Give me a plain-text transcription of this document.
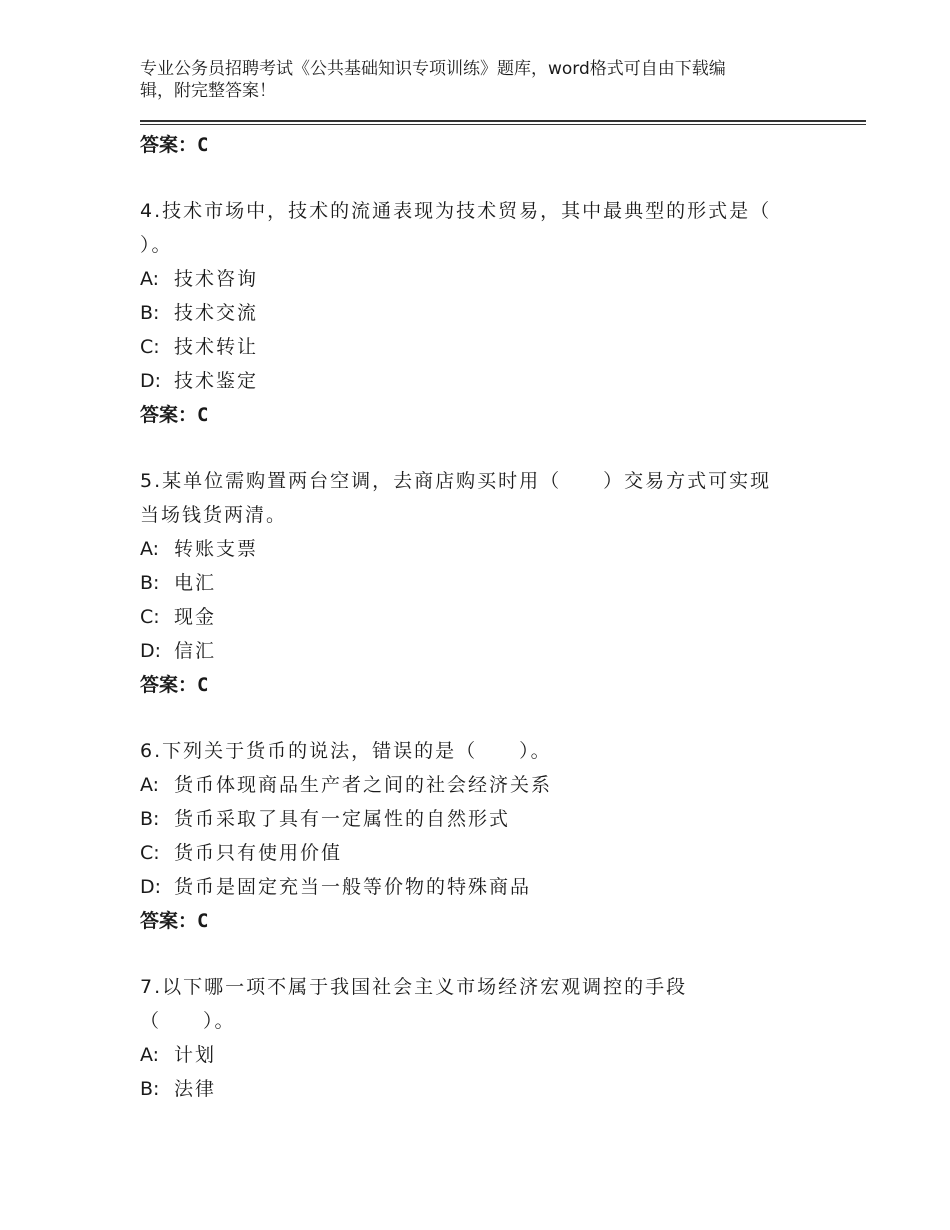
专业公务员招聘考试《公共基础知识专项训练》题库，word格式可自由下载编
辑，附完整答案！
答案：C
4.技术市场中，技术的流通表现为技术贸易，其中最典型的形式是（
）。
A: 技术咨询
B: 技术交流
C: 技术转让
D: 技术鉴定
答案：C
5.某单位需购置两台空调，去商店购买时用（　　）交易方式可实现
当场钱货两清。
A: 转账支票
B: 电汇
C: 现金
D: 信汇
答案：C
6.下列关于货币的说法，错误的是（　　）。
A: 货币体现商品生产者之间的社会经济关系
B: 货币采取了具有一定属性的自然形式
C: 货币只有使用价值
D: 货币是固定充当一般等价物的特殊商品
答案：C
7.以下哪一项不属于我国社会主义市场经济宏观调控的手段
（　　）。
A: 计划
B: 法律
